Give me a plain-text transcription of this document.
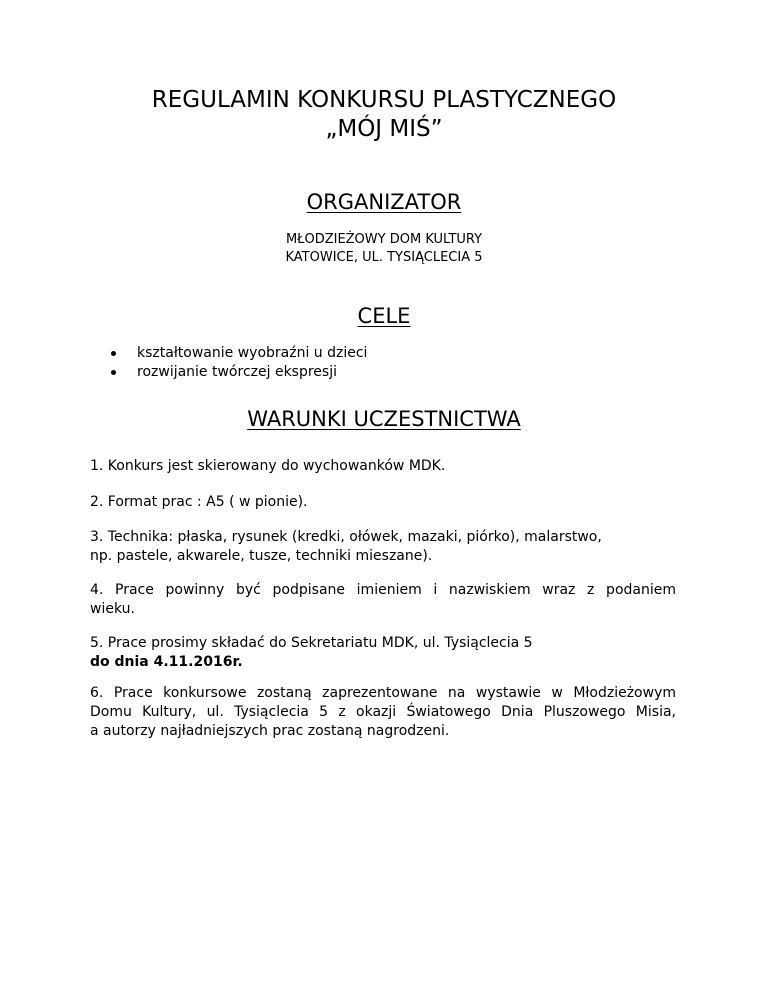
REGULAMIN KONKURSU PLASTYCZNEGO
„MÓJ MIŚ”
ORGANIZATOR

MŁODZIEŻOWY DOM KULTURY

KATOWICE, UL. TYSIĄCLECIA 5

CELE
kształtowanie wyobraźni u dzieci
rozwijanie twórczej ekspresji
WARUNKI UCZESTNICTWA

1. Konkurs jest skierowany do wychowanków MDK.

2. Format prac : A5 ( w pionie).

3. Technika: płaska, rysunek (kredki, ołówek, mazaki, piórko), malarstwo,
np. pastele, akwarele, tusze, techniki mieszane).

4. Prace powinny być podpisane imieniem i nazwiskiem wraz z podaniem
wieku.

5. Prace prosimy składać do Sekretariatu MDK, ul. Tysiąclecia 5
do dnia 4.11.2016r.

6. Prace konkursowe zostaną zaprezentowane na wystawie w Młodzieżowym
Domu Kultury, ul. Tysiąclecia 5 z okazji Światowego Dnia Pluszowego Misia,
a autorzy najładniejszych prac zostaną nagrodzeni.
